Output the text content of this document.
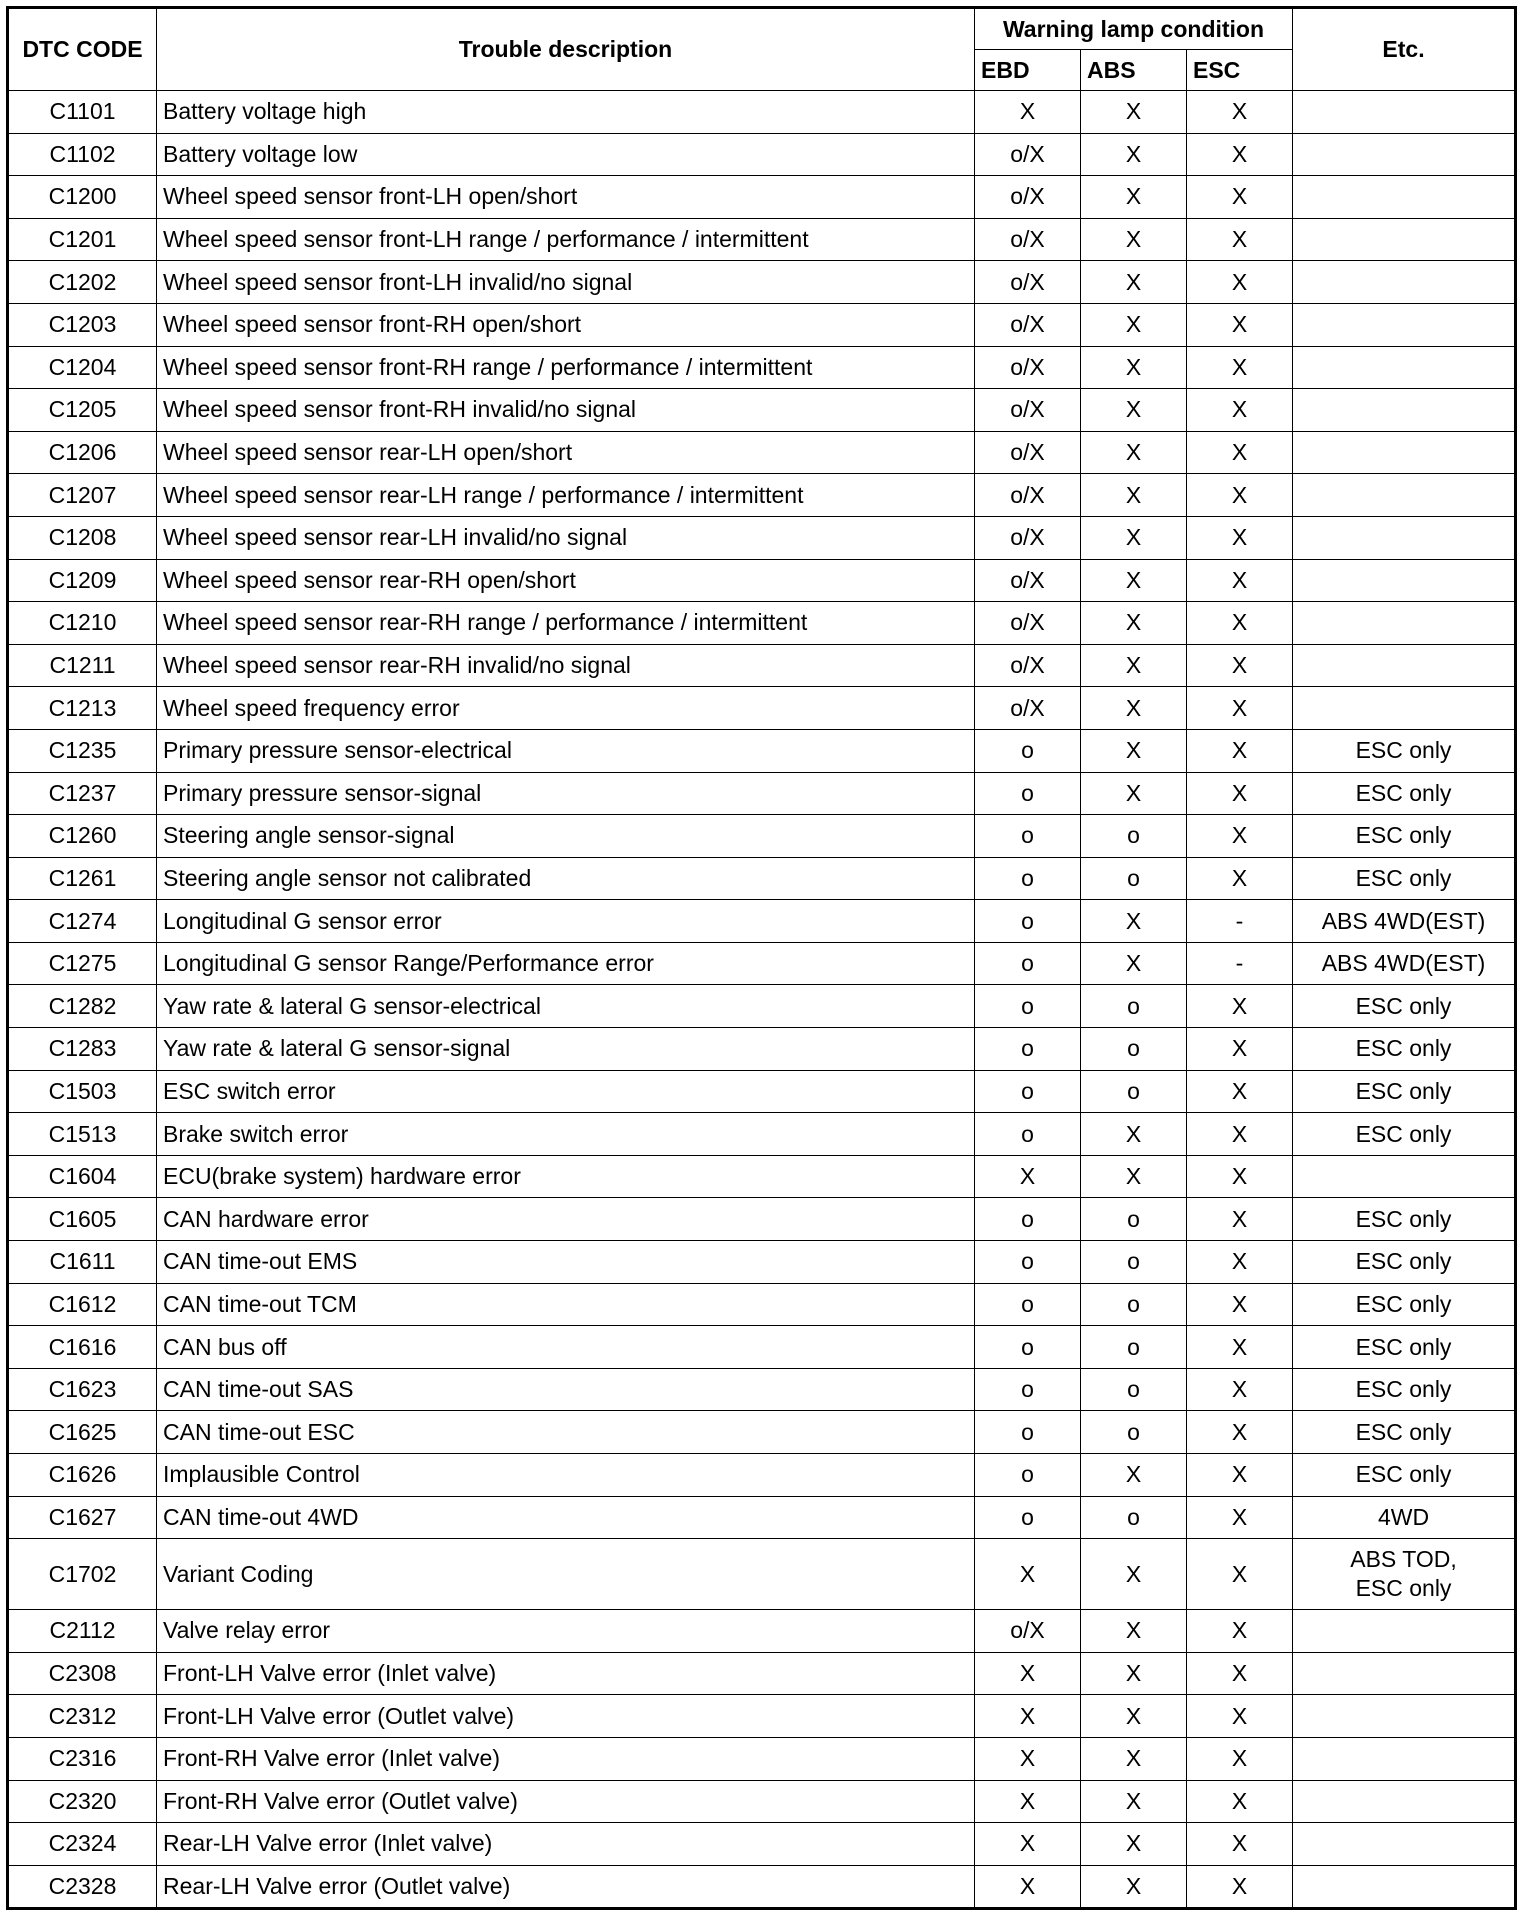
DTC CODE	Trouble description	Warning lamp condition			Etc.
		EBD	ABS	ESC	
C1101	Battery voltage high	X	X	X	
C1102	Battery voltage low	o/X	X	X	
C1200	Wheel speed sensor front-LH open/short	o/X	X	X	
C1201	Wheel speed sensor front-LH range / performance / intermittent	o/X	X	X	
C1202	Wheel speed sensor front-LH invalid/no signal	o/X	X	X	
C1203	Wheel speed sensor front-RH open/short	o/X	X	X	
C1204	Wheel speed sensor front-RH range / performance / intermittent	o/X	X	X	
C1205	Wheel speed sensor front-RH invalid/no signal	o/X	X	X	
C1206	Wheel speed sensor rear-LH open/short	o/X	X	X	
C1207	Wheel speed sensor rear-LH range / performance / intermittent	o/X	X	X	
C1208	Wheel speed sensor rear-LH invalid/no signal	o/X	X	X	
C1209	Wheel speed sensor rear-RH open/short	o/X	X	X	
C1210	Wheel speed sensor rear-RH range / performance / intermittent	o/X	X	X	
C1211	Wheel speed sensor rear-RH invalid/no signal	o/X	X	X	
C1213	Wheel speed frequency error	o/X	X	X	
C1235	Primary pressure sensor-electrical	o	X	X	ESC only
C1237	Primary pressure sensor-signal	o	X	X	ESC only
C1260	Steering angle sensor-signal	o	o	X	ESC only
C1261	Steering angle sensor not calibrated	o	o	X	ESC only
C1274	Longitudinal G sensor error	o	X	-	ABS 4WD(EST)
C1275	Longitudinal G sensor Range/Performance error	o	X	-	ABS 4WD(EST)
C1282	Yaw rate & lateral G sensor-electrical	o	o	X	ESC only
C1283	Yaw rate & lateral G sensor-signal	o	o	X	ESC only
C1503	ESC switch error	o	o	X	ESC only
C1513	Brake switch error	o	X	X	ESC only
C1604	ECU(brake system) hardware error	X	X	X	
C1605	CAN hardware error	o	o	X	ESC only
C1611	CAN time-out EMS	o	o	X	ESC only
C1612	CAN time-out TCM	o	o	X	ESC only
C1616	CAN bus off	o	o	X	ESC only
C1623	CAN time-out SAS	o	o	X	ESC only
C1625	CAN time-out ESC	o	o	X	ESC only
C1626	Implausible Control	o	X	X	ESC only
C1627	CAN time-out 4WD	o	o	X	4WD
C1702	Variant Coding	X	X	X	ABS TOD,
ESC only

C2112	Valve relay error	o/X	X	X	
C2308	Front-LH Valve error (Inlet valve)	X	X	X	
C2312	Front-LH Valve error (Outlet valve)	X	X	X	
C2316	Front-RH Valve error (Inlet valve)	X	X	X	
C2320	Front-RH Valve error (Outlet valve)	X	X	X	
C2324	Rear-LH Valve error (Inlet valve)	X	X	X	
C2328	Rear-LH Valve error (Outlet valve)	X	X	X	
